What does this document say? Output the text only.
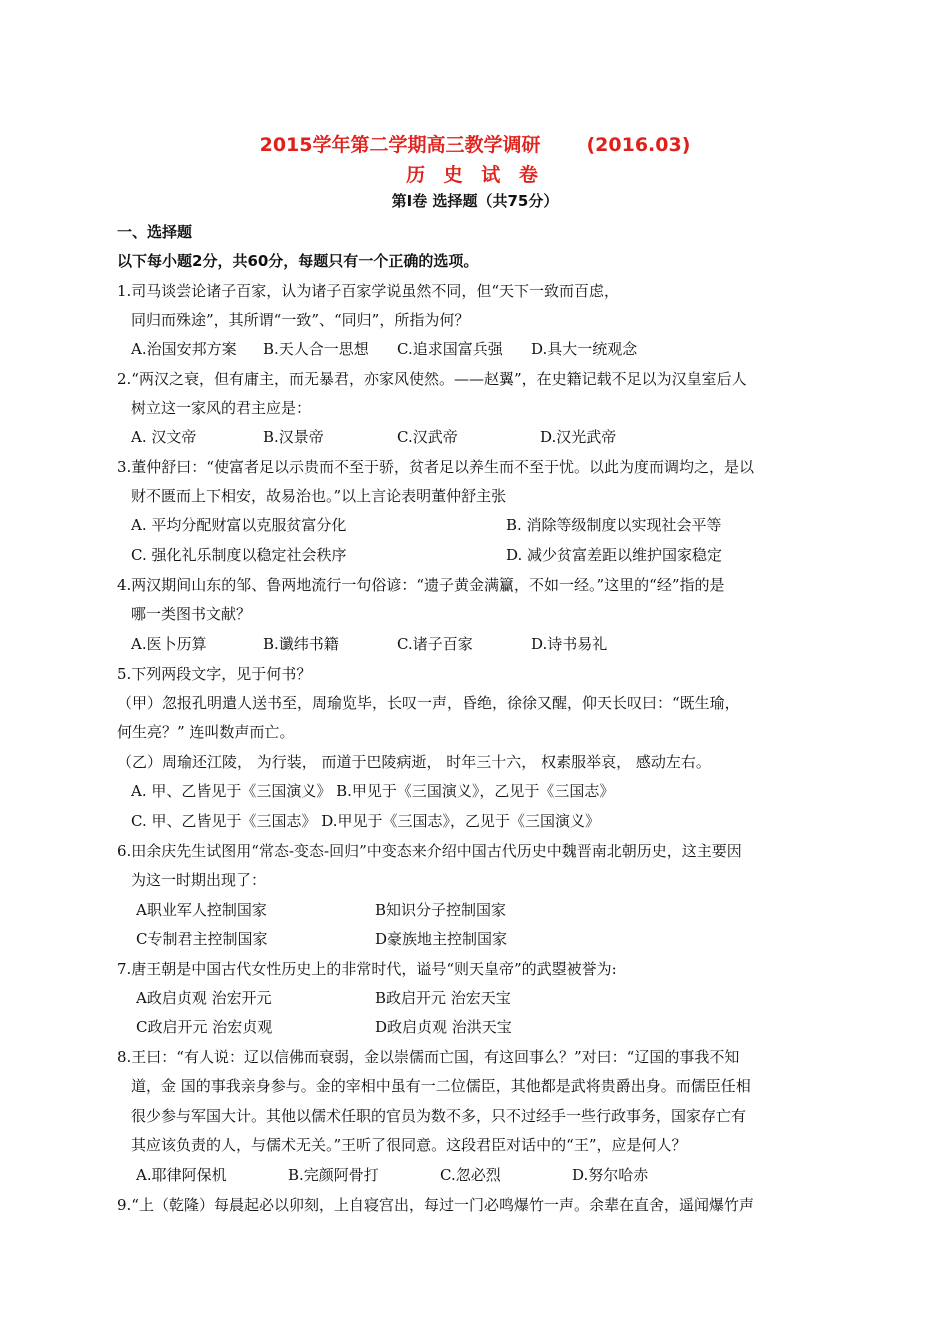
2015学年第二学期高三教学调研 (2016.03)
历 史 试 卷
第Ⅰ卷 选择题（共75分）
一、选择题
以下每小题2分，共60分，每题只有一个正确的选项。
1.司马谈尝论诸子百家，认为诸子百家学说虽然不同，但“天下一致而百虑，
同归而殊途”，其所谓“一致”、“同归”，所指为何？
A.治国安邦方案 B.天人合一思想 C.追求国富兵强 D.具大一统观念
2.“两汉之衰，但有庸主，而无暴君，亦家风使然。——赵翼”，在史籍记载不足以为汉皇室后人
树立这一家风的君主应是：
A. 汉文帝	B.汉景帝	C.汉武帝	D.汉光武帝
3.董仲舒曰：“使富者足以示贵而不至于骄，贫者足以养生而不至于忧。以此为度而调均之，是以
财不匮而上下相安，故易治也。”以上言论表明董仲舒主张
A. 平均分配财富以克服贫富分化	B. 消除等级制度以实现社会平等
C. 强化礼乐制度以稳定社会秩序	D. 减少贫富差距以维护国家稳定
4.两汉期间山东的邹、鲁两地流行一句俗谚：“遗子黄金满籯，不如一经。”这里的“经”指的是
哪一类图书文献？
A.医卜历算	B.谶纬书籍	C.诸子百家	D.诗书易礼
5.下列两段文字，见于何书？
（甲）忽报孔明遣人送书至，周瑜览毕，长叹一声，昏绝，徐徐又醒，仰天长叹曰：“既生瑜，
何生亮？” 连叫数声而亡。
（乙）周瑜还江陵， 为行装， 而道于巴陵病逝， 时年三十六， 权素服举哀， 感动左右。
A. 甲、乙皆见于《三国演义》 B.甲见于《三国演义》，乙见于《三国志》
C. 甲、乙皆见于《三国志》 D.甲见于《三国志》，乙见于《三国演义》
6.田余庆先生试图用“常态-变态-回归”中变态来介绍中国古代历史中魏晋南北朝历史，这主要因
为这一时期出现了：
A职业军人控制国家	B知识分子控制国家
C专制君主控制国家	D豪族地主控制国家
7.唐王朝是中国古代女性历史上的非常时代，谥号“则天皇帝”的武曌被誉为:
A政启贞观 治宏开元	B政启开元 治宏天宝
C政启开元 治宏贞观	D政启贞观 治洪天宝
8.王曰：“有人说：辽以信佛而衰弱，金以崇儒而亡国，有这回事么？”对曰：“辽国的事我不知
道，金 国的事我亲身参与。金的宰相中虽有一二位儒臣，其他都是武将贵爵出身。而儒臣任相
很少参与军国大计。其他以儒术任职的官员为数不多，只不过经手一些行政事务，国家存亡有
其应该负责的人，与儒术无关。”王听了很同意。这段君臣对话中的“王”，应是何人？
A.耶律阿保机	B.完颜阿骨打	C.忽必烈	D.努尔哈赤
9.“上（乾隆）每晨起必以卯刻，上自寝宫出，每过一门必鸣爆竹一声。余辈在直舍，遥闻爆竹声
